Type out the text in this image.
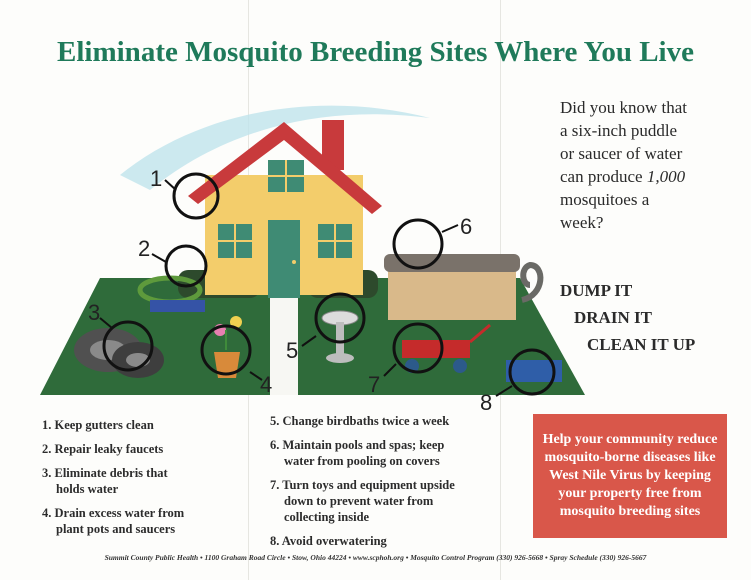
Eliminate Mosquito Breeding Sites Where You Live
1
2
3
4
5
6
7
8
Did you know that
a six-inch puddle
or saucer of water
can produce 1,000
mosquitoes a
week?
DUMP IT
DRAIN IT
CLEAN IT UP
1. Keep gutters clean
2. Repair leaky faucets
3. Eliminate debris that
holds water
4. Drain excess water from
plant pots and saucers
5. Change birdbaths twice a week
6. Maintain pools and spas; keep
water from pooling on covers
7. Turn toys and equipment upside
down to prevent water from
collecting inside
8. Avoid overwatering
Help your community reduce mosquito-borne diseases like West Nile Virus by keeping your property free from mosquito breeding sites
Summit County Public Health • 1100 Graham Road Circle • Stow, Ohio 44224 • www.scphoh.org • Mosquito Control Program (330) 926-5668 • Spray Schedule (330) 926-5667
